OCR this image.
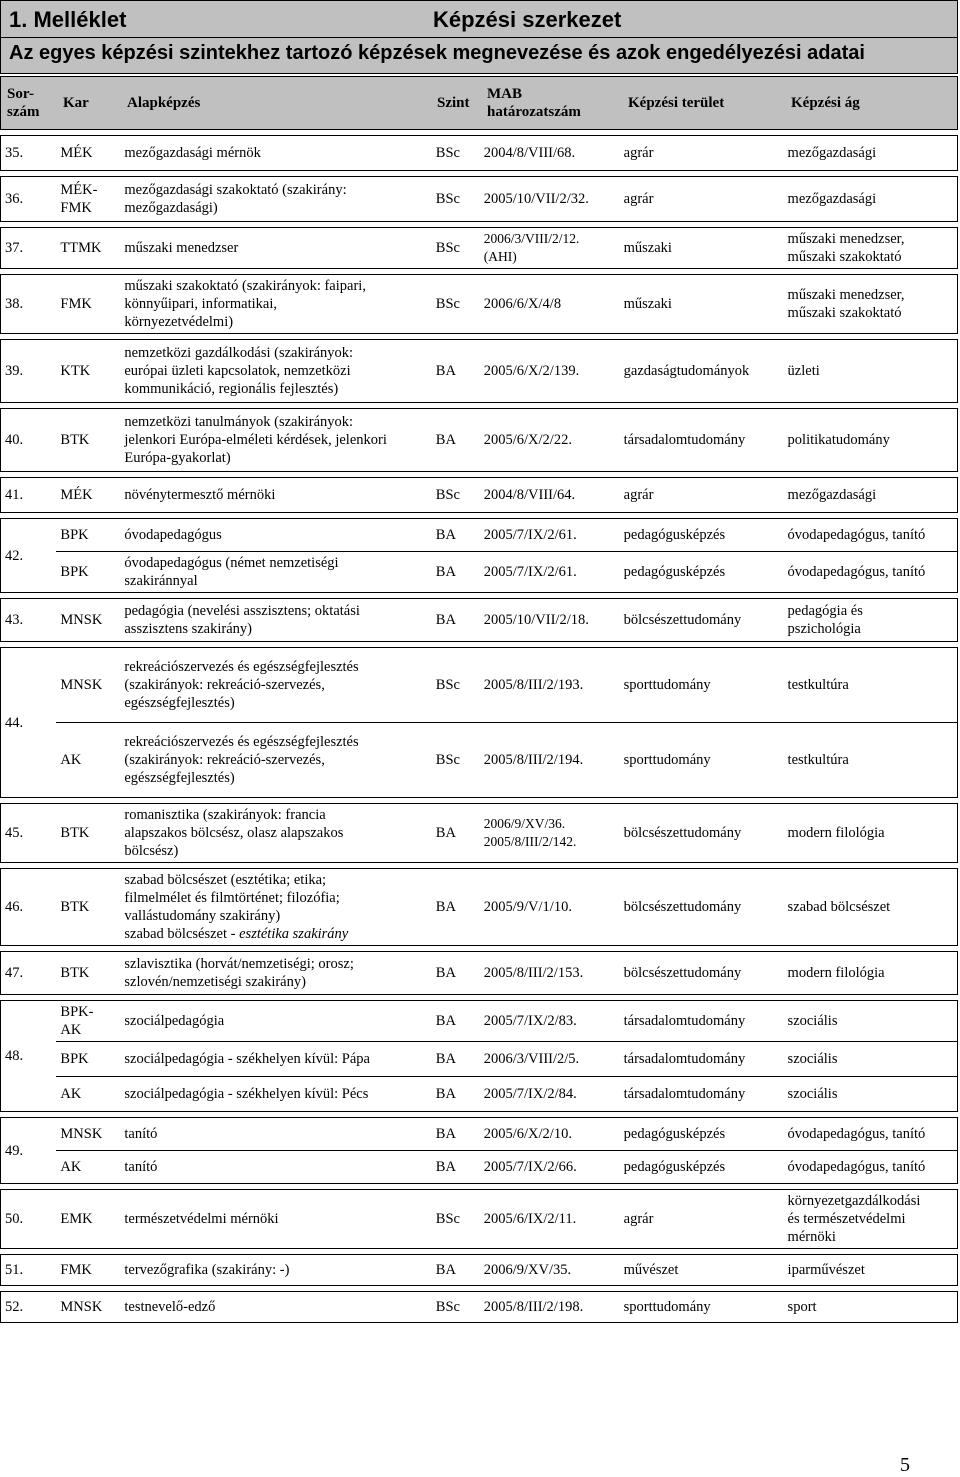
1. Melléklet	Képzési szerkezet
Az egyes képzési szintekhez tartozó képzések megnevezése és azok engedélyezési adatai
Sor-
szám
Kar	Alapképzés	Szint
MAB
határozatszám
Képzési terület	Képzési ág

35.	MÉK	mezőgazdasági mérnök	BSc	2004/8/VIII/68.	agrár	mezőgazdasági

36.	MÉK-
FMK	mezőgazdasági szakoktató (szakirány:
mezőgazdasági)	BSc	2005/10/VII/2/32.	agrár	mezőgazdasági

37.	TTMK	műszaki menedzser	BSc	2006/3/VIII/2/12.
(AHI)	műszaki	műszaki menedzser,
műszaki szakoktató

38.	FMK	műszaki szakoktató (szakirányok: faipari,
könnyűipari, informatikai,
környezetvédelmi)	BSc	2006/6/X/4/8	műszaki	műszaki menedzser,
műszaki szakoktató

39.	KTK	nemzetközi gazdálkodási (szakirányok:
európai üzleti kapcsolatok, nemzetközi
kommunikáció, regionális fejlesztés)	BA	2005/6/X/2/139.	gazdaságtudományok	üzleti

40.	BTK	nemzetközi tanulmányok (szakirányok:
jelenkori Európa-elméleti kérdések, jelenkori
Európa-gyakorlat)	BA	2005/6/X/2/22.	társadalomtudomány	politikatudomány

41.	MÉK	növénytermesztő mérnöki	BSc	2004/8/VIII/64.	agrár	mezőgazdasági

42.	BPK	óvodapedagógus	BA	2005/7/IX/2/61.	pedagógusképzés	óvodapedagógus, tanító
	BPK	óvodapedagógus (német nemzetiségi
szakiránnyal	BA	2005/7/IX/2/61.	pedagógusképzés	óvodapedagógus, tanító

43.	MNSK	pedagógia (nevelési asszisztens; oktatási
asszisztens szakirány)	BA	2005/10/VII/2/18.	bölcsészettudomány	pedagógia és
pszichológia

44.	MNSK	rekreációszervezés és egészségfejlesztés
(szakirányok: rekreáció-szervezés,
egészségfejlesztés)	BSc	2005/8/III/2/193.	sporttudomány	testkultúra
	AK	rekreációszervezés és egészségfejlesztés
(szakirányok: rekreáció-szervezés,
egészségfejlesztés)	BSc	2005/8/III/2/194.	sporttudomány	testkultúra

45.	BTK	romanisztika (szakirányok: francia
alapszakos bölcsész, olasz alapszakos
bölcsész)	BA	2006/9/XV/36.
2005/8/III/2/142.	bölcsészettudomány	modern filológia

46.	BTK	szabad bölcsészet (esztétika; etika;
filmelmélet és filmtörténet; filozófia;
vallástudomány szakirány)
szabad bölcsészet - esztétika szakirány	BA	2005/9/V/1/10.	bölcsészettudomány	szabad bölcsészet

47.	BTK	szlavisztika (horvát/nemzetiségi; orosz;
szlovén/nemzetiségi szakirány)	BA	2005/8/III/2/153.	bölcsészettudomány	modern filológia

48.	BPK-
AK	szociálpedagógia	BA	2005/7/IX/2/83.	társadalomtudomány	szociális
	BPK	szociálpedagógia - székhelyen kívül: Pápa	BA	2006/3/VIII/2/5.	társadalomtudomány	szociális
	AK	szociálpedagógia - székhelyen kívül: Pécs	BA	2005/7/IX/2/84.	társadalomtudomány	szociális

49.	MNSK	tanító	BA	2005/6/X/2/10.	pedagógusképzés	óvodapedagógus, tanító
	AK	tanító	BA	2005/7/IX/2/66.	pedagógusképzés	óvodapedagógus, tanító

50.	EMK	természetvédelmi mérnöki	BSc	2005/6/IX/2/11.	agrár	környezetgazdálkodási
és természetvédelmi
mérnöki

51.	FMK	tervezőgrafika (szakirány: -)	BA	2006/9/XV/35.	művészet	iparművészet

52.	MNSK	testnevelő-edző	BSc	2005/8/III/2/198.	sporttudomány	sport
5
